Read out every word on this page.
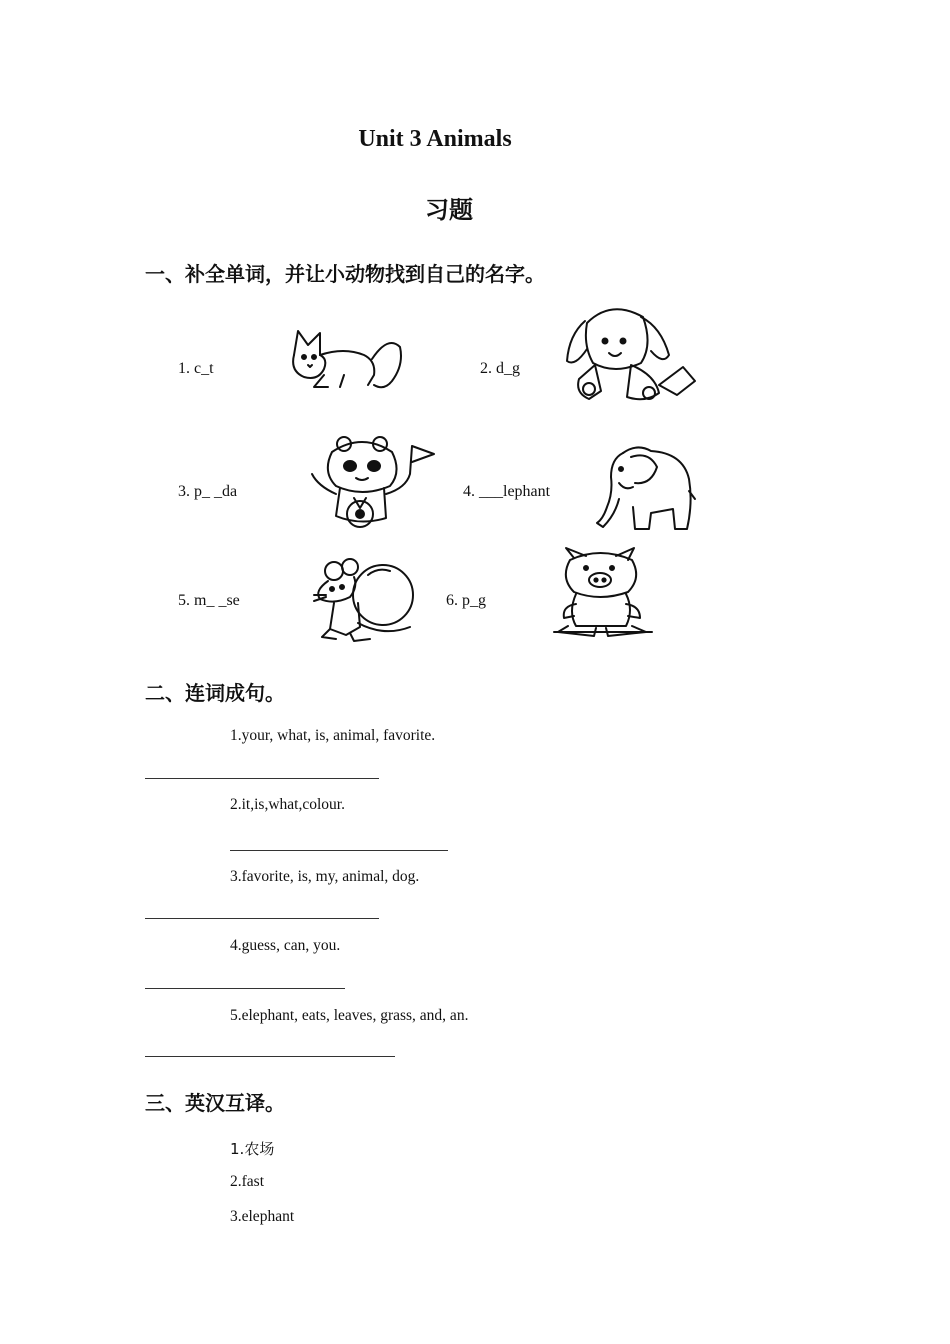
Unit 3 Animals
习题
一、补全单词，并让小动物找到自己的名字。
1. c_t	2. d_g
3. p_ _da	4. ___lephant
5. m_ _se	6. p_g
二、连词成句。
1.your, what, is, animal, favorite.
2.it,is,what,colour.
3.favorite, is, my, animal, dog.
4.guess, can, you.
5.elephant, eats, leaves, grass, and, an.
三、英汉互译。
1.农场
2.fast
3.elephant
